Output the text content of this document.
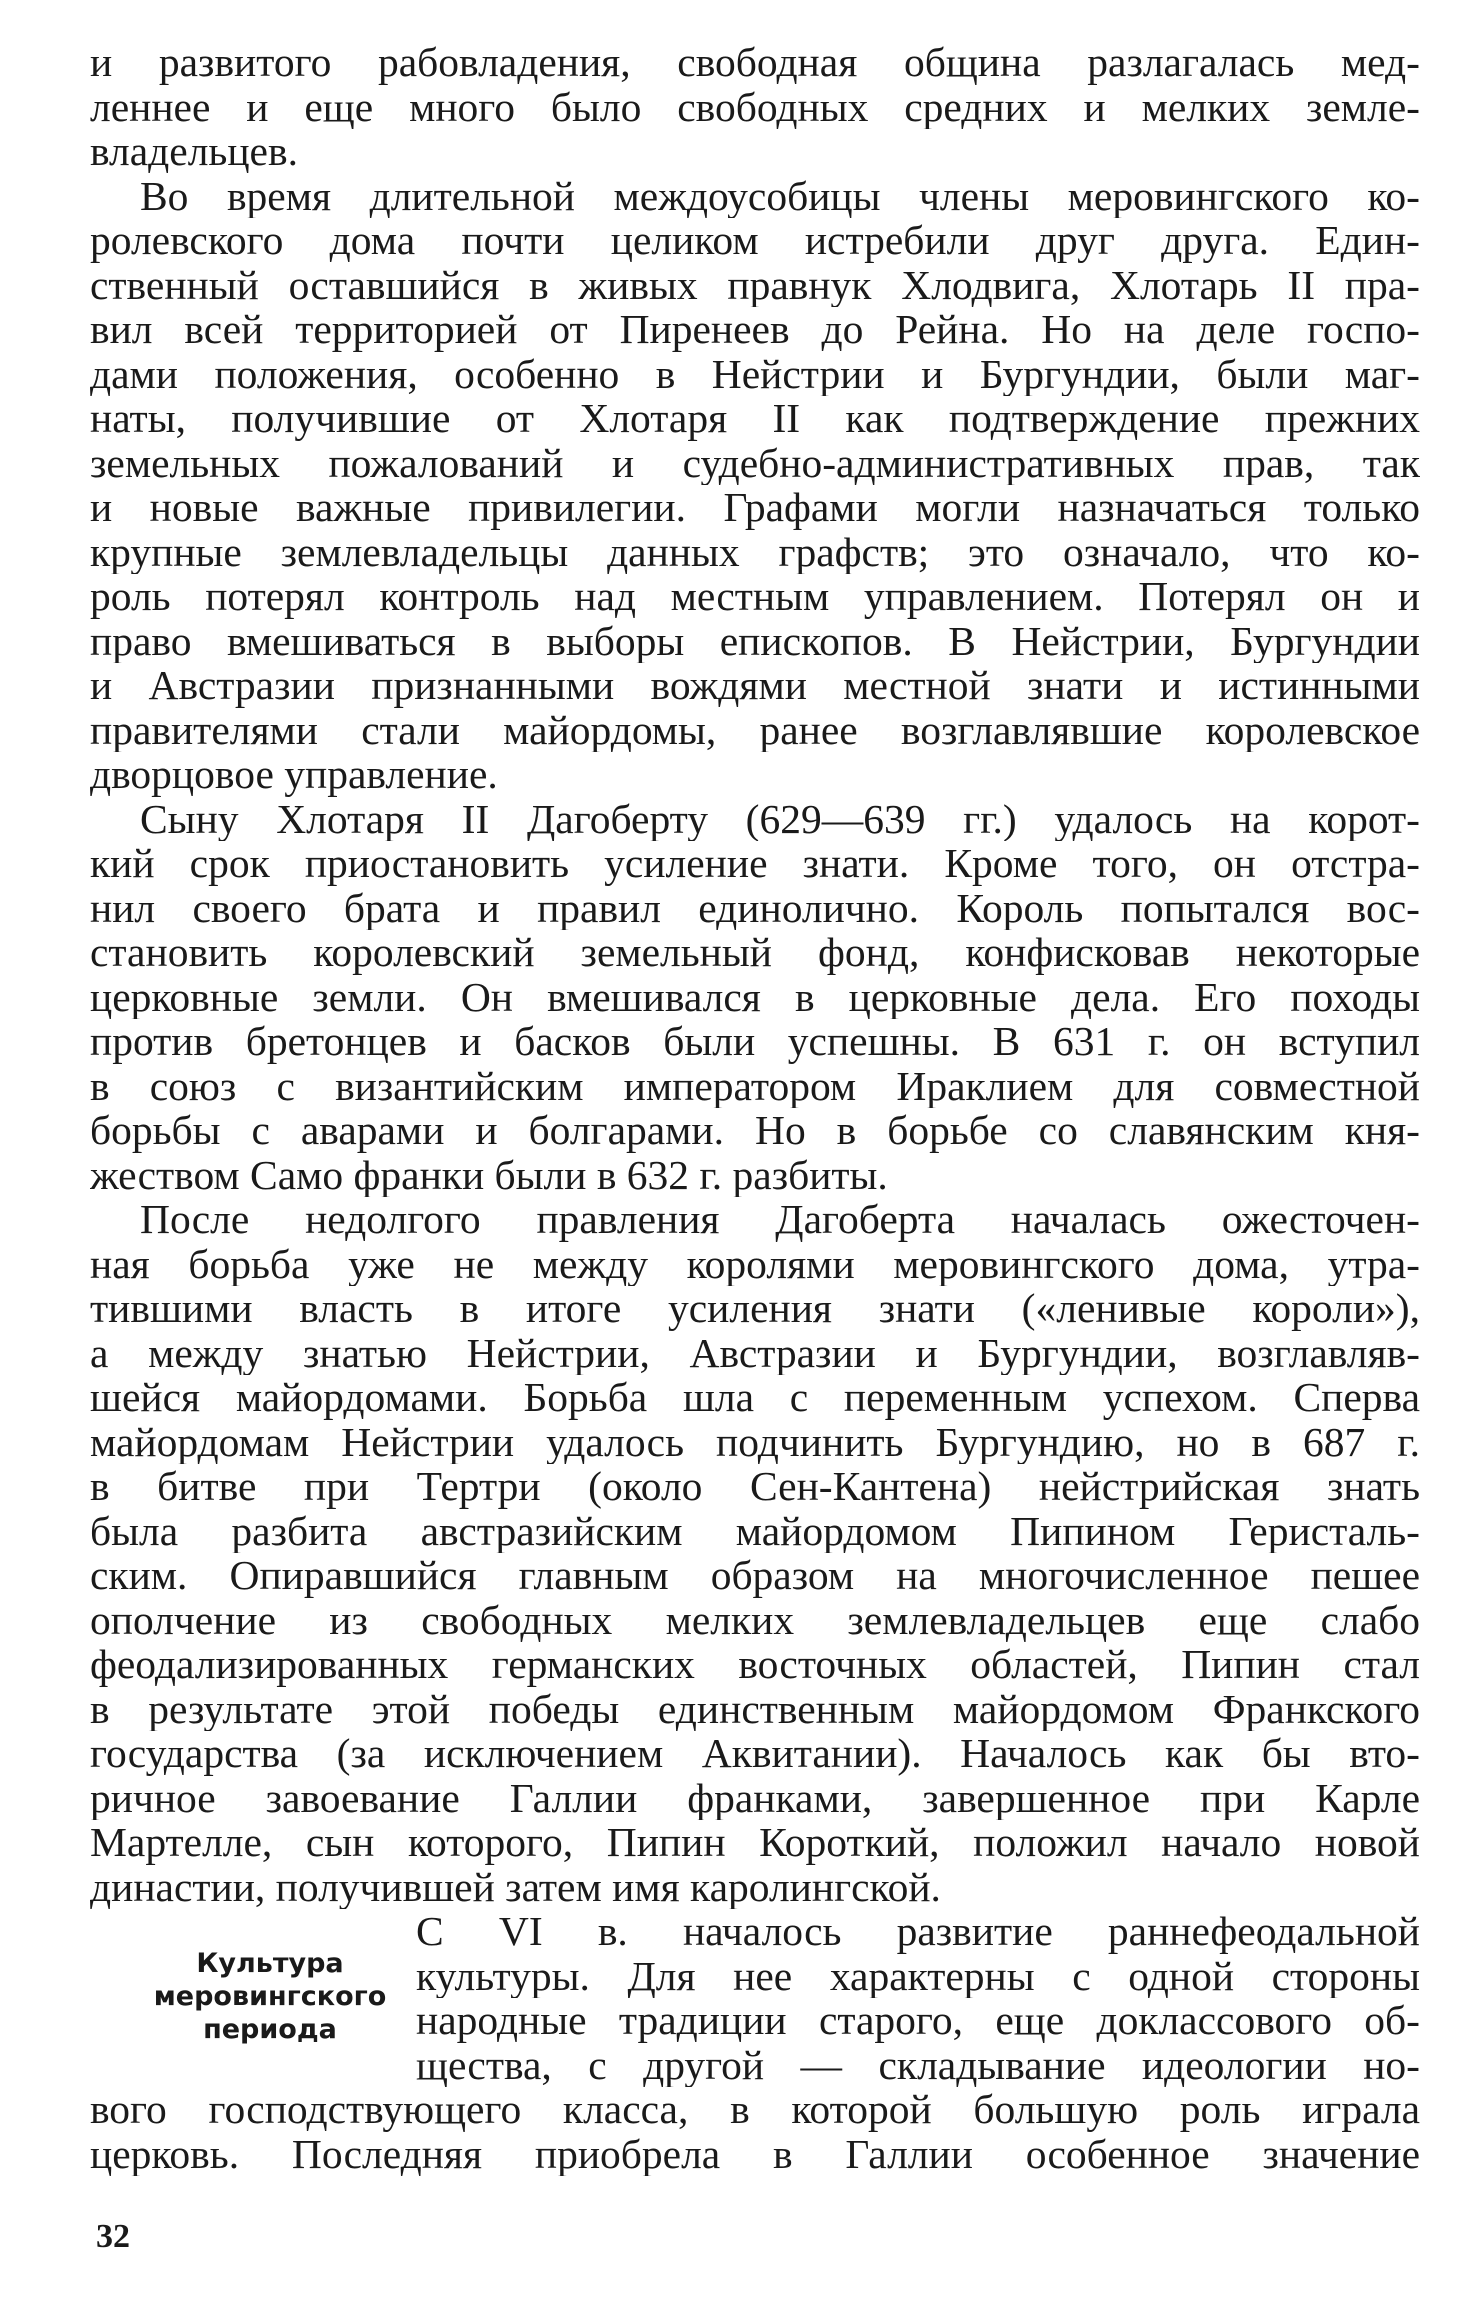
и развитого рабовладения, свободная община разлагалась мед-
леннее и еще много было свободных средних и мелких земле-
владельцев.
Во время длительной междоусобицы члены меровингского ко-
ролевского дома почти целиком истребили друг друга. Един-
ственный оставшийся в живых правнук Хлодвига, Хлотарь II пра-
вил всей территорией от Пиренеев до Рейна. Но на деле госпо-
дами положения, особенно в Нейстрии и Бургундии, были маг-
наты, получившие от Хлотаря II как подтверждение прежних
земельных пожалований и судебно-административных прав, так
и новые важные привилегии. Графами могли назначаться только
крупные землевладельцы данных графств; это означало, что ко-
роль потерял контроль над местным управлением. Потерял он и
право вмешиваться в выборы епископов. В Нейстрии, Бургундии
и Австразии признанными вождями местной знати и истинными
правителями стали майордомы, ранее возглавлявшие королевское
дворцовое управление.
Сыну Хлотаря II Дагоберту (629—639 гг.) удалось на корот-
кий срок приостановить усиление знати. Кроме того, он отстра-
нил своего брата и правил единолично. Король попытался вос-
становить королевский земельный фонд, конфисковав некоторые
церковные земли. Он вмешивался в церковные дела. Его походы
против бретонцев и басков были успешны. В 631 г. он вступил
в союз с византийским императором Ираклием для совместной
борьбы с аварами и болгарами. Но в борьбе со славянским кня-
жеством Само франки были в 632 г. разбиты.
После недолгого правления Дагоберта началась ожесточен-
ная борьба уже не между королями меровингского дома, утра-
тившими власть в итоге усиления знати («ленивые короли»),
а между знатью Нейстрии, Австразии и Бургундии, возглавляв-
шейся майордомами. Борьба шла с переменным успехом. Сперва
майордомам Нейстрии удалось подчинить Бургундию, но в 687 г.
в битве при Тертри (около Сен-Кантена) нейстрийская знать
была разбита австразийским майордомом Пипином Геристаль-
ским. Опиравшийся главным образом на многочисленное пешее
ополчение из свободных мелких землевладельцев еще слабо
феодализированных германских восточных областей, Пипин стал
в результате этой победы единственным майордомом Франкского
государства (за исключением Аквитании). Началось как бы вто-
ричное завоевание Галлии франками, завершенное при Карле
Мартелле, сын которого, Пипин Короткий, положил начало новой
династии, получившей затем имя каролингской.
Культура
меровингского
периода
С VI в. началось развитие раннефеодальной
культуры. Для нее характерны с одной стороны
народные традиции старого, еще доклассового об-
щества, с другой — складывание идеологии но-
вого господствующего класса, в которой большую роль играла
церковь. Последняя приобрела в Галлии особенное значение
32
